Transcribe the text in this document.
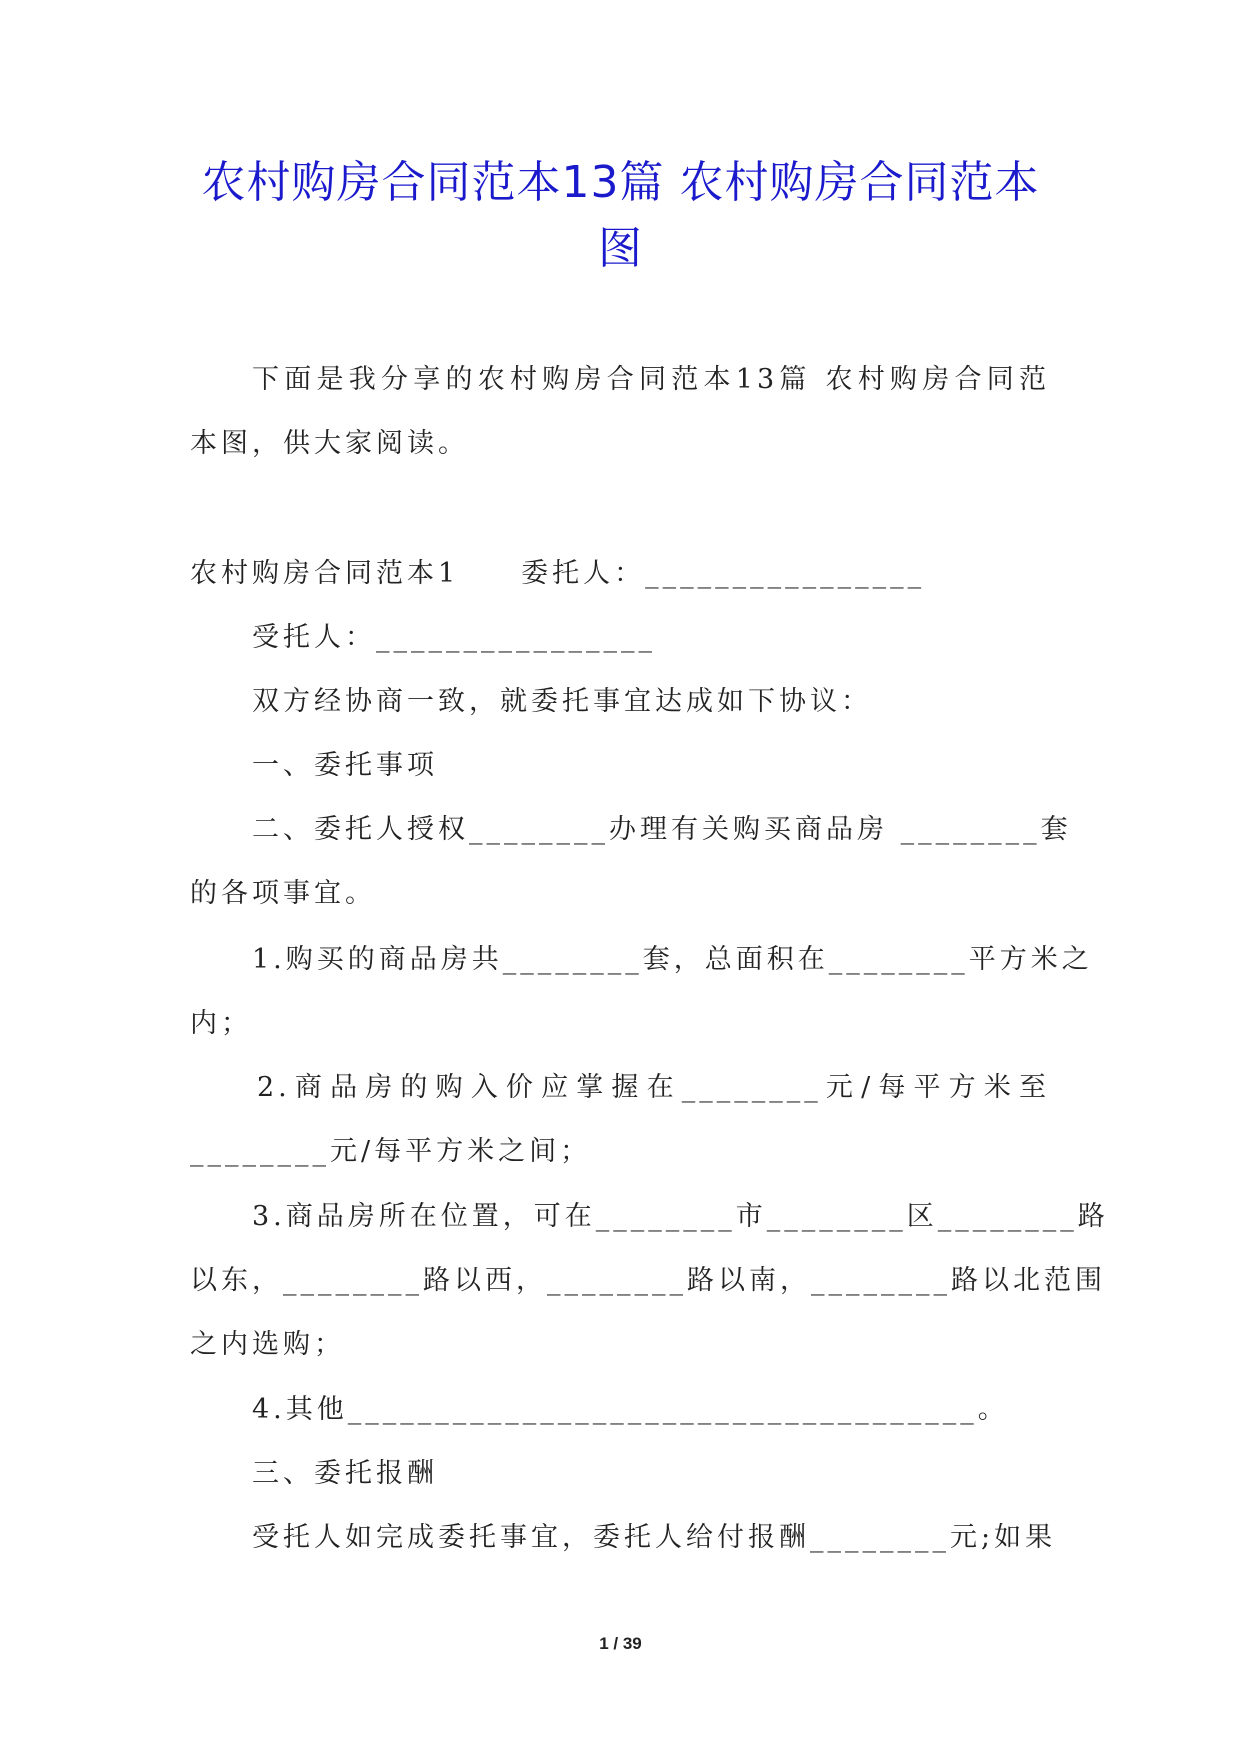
农村购房合同范本13篇 农村购房合同范本
图
下面是我分享的农村购房合同范本13篇 农村购房合同范
本图，供大家阅读。
农村购房合同范本1　　委托人：________________
受托人：________________
双方经协商一致，就委托事宜达成如下协议：
一、委托事项
二、委托人授权________办理有关购买商品房 ________套
的各项事宜。
1.购买的商品房共________套，总面积在________平方米之
内；
2.商品房的购入价应掌握在________元/每平方米至
________元/每平方米之间；
3.商品房所在位置，可在________市________区________路
以东，________路以西，________路以南，________路以北范围
之内选购；
4.其他____________________________________。
三、委托报酬
受托人如完成委托事宜，委托人给付报酬________元;如果
1 / 39
